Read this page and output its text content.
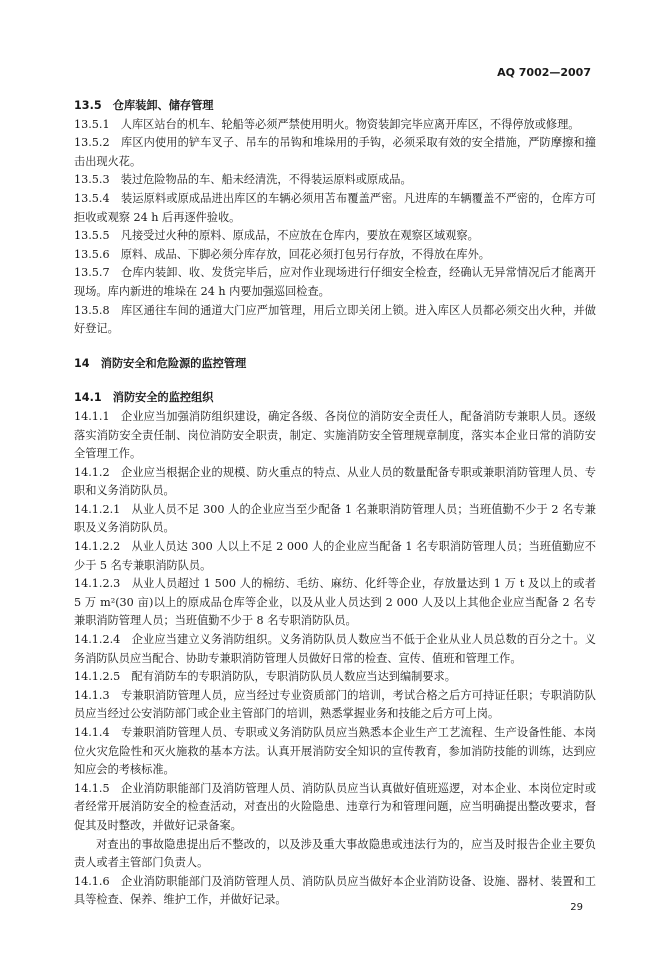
AQ 7002—2007

13.5　仓库装卸、储存管理

13.5.1　人库区站台的机车、轮船等必须严禁使用明火。物资装卸完毕应离开库区，不得停放或修理。

13.5.2　库区内使用的铲车叉子、吊车的吊钩和堆垛用的手钩，必须采取有效的安全措施，严防摩擦和撞击出现火花。

13.5.3　装过危险物品的车、船未经清洗，不得装运原料或原成品。

13.5.4　装运原料或原成品进出库区的车辆必须用苫布覆盖严密。凡进库的车辆覆盖不严密的，仓库方可拒收或观察 24 h 后再逐件验收。

13.5.5　凡接受过火种的原料、原成品，不应放在仓库内，要放在观察区域观察。

13.5.6　原料、成品、下脚必须分库存放，回花必须打包另行存放，不得放在库外。

13.5.7　仓库内装卸、收、发货完毕后，应对作业现场进行仔细安全检查，经确认无异常情况后才能离开现场。库内新进的堆垛在 24 h 内要加强巡回检查。

13.5.8　库区通往车间的通道大门应严加管理，用后立即关闭上锁。进入库区人员都必须交出火种，并做好登记。

14　消防安全和危险源的监控管理

14.1　消防安全的监控组织

14.1.1　企业应当加强消防组织建设，确定各级、各岗位的消防安全责任人，配备消防专兼职人员。逐级落实消防安全责任制、岗位消防安全职责，制定、实施消防安全管理规章制度，落实本企业日常的消防安全管理工作。

14.1.2　企业应当根据企业的规模、防火重点的特点、从业人员的数量配备专职或兼职消防管理人员、专职和义务消防队员。

14.1.2.1　从业人员不足 300 人的企业应当至少配备 1 名兼职消防管理人员；当班值勤不少于 2 名专兼职及义务消防队员。

14.1.2.2　从业人员达 300 人以上不足 2 000 人的企业应当配备 1 名专职消防管理人员；当班值勤应不少于 5 名专兼职消防队员。

14.1.2.3　从业人员超过 1 500 人的棉纺、毛纺、麻纺、化纤等企业，存放量达到 1 万 t 及以上的或者 5 万 m²(30 亩)以上的原成品仓库等企业，以及从业人员达到 2 000 人及以上其他企业应当配备 2 名专兼职消防管理人员；当班值勤不少于 8 名专职消防队员。

14.1.2.4　企业应当建立义务消防组织。义务消防队员人数应当不低于企业从业人员总数的百分之十。义务消防队员应当配合、协助专兼职消防管理人员做好日常的检查、宣传、值班和管理工作。

14.1.2.5　配有消防车的专职消防队，专职消防队员人数应当达到编制要求。

14.1.3　专兼职消防管理人员，应当经过专业资质部门的培训，考试合格之后方可持证任职；专职消防队员应当经过公安消防部门或企业主管部门的培训，熟悉掌握业务和技能之后方可上岗。

14.1.4　专兼职消防管理人员、专职或义务消防队员应当熟悉本企业生产工艺流程、生产设备性能、本岗位火灾危险性和灭火施救的基本方法。认真开展消防安全知识的宣传教育，参加消防技能的训练，达到应知应会的考核标准。

14.1.5　企业消防职能部门及消防管理人员、消防队员应当认真做好值班巡逻，对本企业、本岗位定时或者经常开展消防安全的检查活动，对查出的火险隐患、违章行为和管理问题，应当明确提出整改要求，督促其及时整改，并做好记录备案。

对查出的事故隐患提出后不整改的，以及涉及重大事故隐患或违法行为的，应当及时报告企业主要负责人或者主管部门负责人。

14.1.6　企业消防职能部门及消防管理人员、消防队员应当做好本企业消防设备、设施、器材、装置和工具等检查、保养、维护工作，并做好记录。

29
